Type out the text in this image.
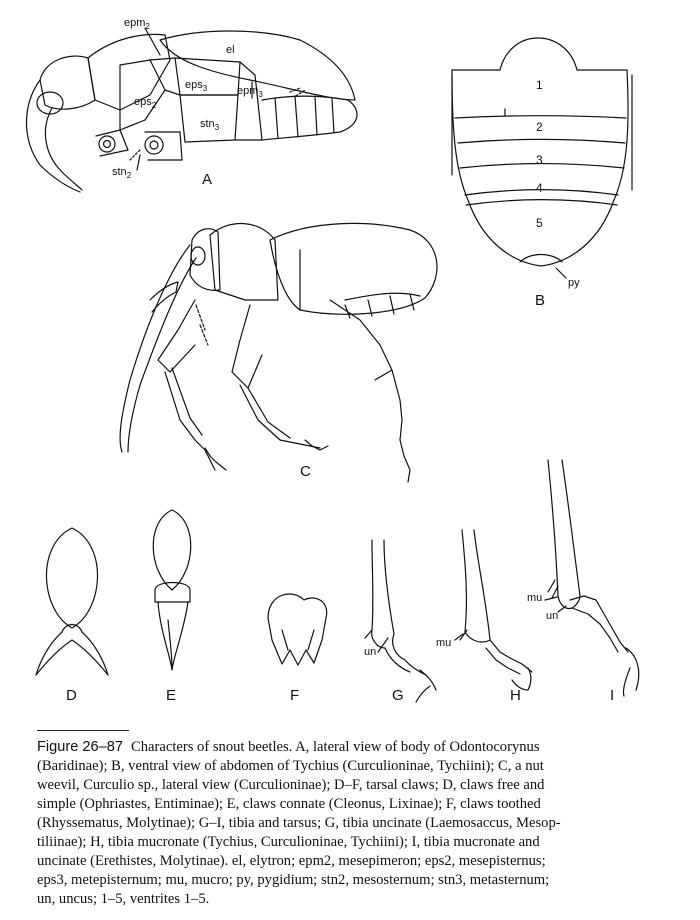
epm$_2$
el
eps$_3$	epm$_3$
eps$_2$
stn$_3$
stn$_2$	A
1
2
3
4
5
py
B
C
D	E	F	G	H	I
un
mu
mu
un
Figure 26–87 Characters of snout beetles. A, lateral view of body of Odontocorynus
(Baridinae); B, ventral view of abdomen of Tychius (Curculioninae, Tychiini); C, a nut
weevil, Curculio sp., lateral view (Curculioninae); D–F, tarsal claws; D, claws free and
simple (Ophriastes, Entiminae); E, claws connate (Cleonus, Lixinae); F, claws toothed
(Rhyssematus, Molytinae); G–I, tibia and tarsus; G, tibia uncinate (Laemosaccus, Mesop-
tiliinae); H, tibia mucronate (Tychius, Curculioninae, Tychiini); I, tibia mucronate and
uncinate (Erethistes, Molytinae). el, elytron; epm2, mesepimeron; eps2, mesepisternus;
eps3, metepisternum; mu, mucro; py, pygidium; stn2, mesosternum; stn3, metasternum;
un, uncus; 1–5, ventrites 1–5.
